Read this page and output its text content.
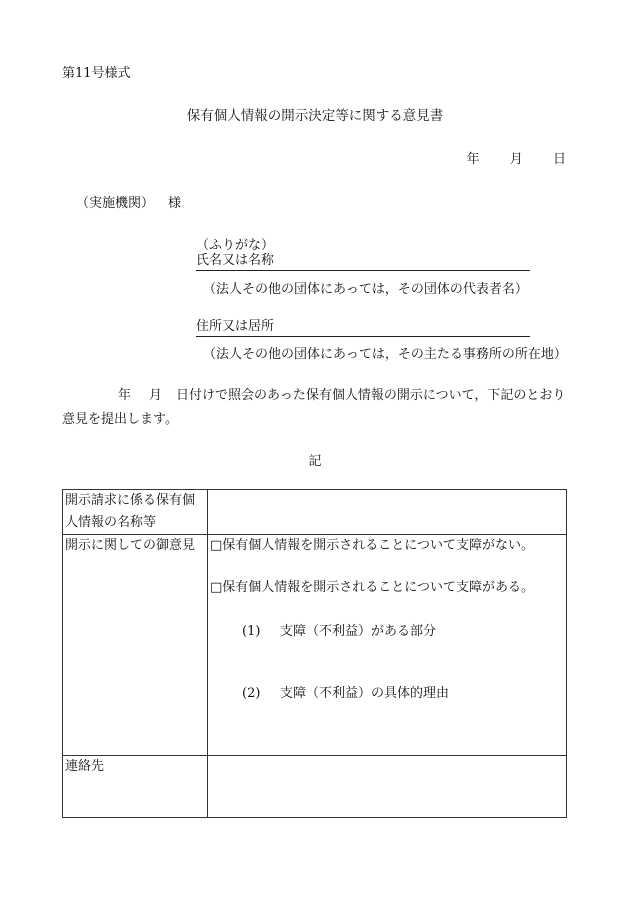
第11号様式
保有個人情報の開示決定等に関する意見書
年 月 日
（実施機関） 様
（ふりがな）
氏名又は名称
（法人その他の団体にあっては，その団体の代表者名）
住所又は居所
（法人その他の団体にあっては，その主たる事務所の所在地）
年 月 日付けで照会のあった保有個人情報の開示について，下記のとおり意見を提出します。
記
開示請求に係る保有個人情報の名称等	
開示に関しての御意見	□保有個人情報を開示されることについて支障がない。
□保有個人情報を開示されることについて支障がある。
(1) 支障（不利益）がある部分
(2) 支障（不利益）の具体的理由

連絡先	
